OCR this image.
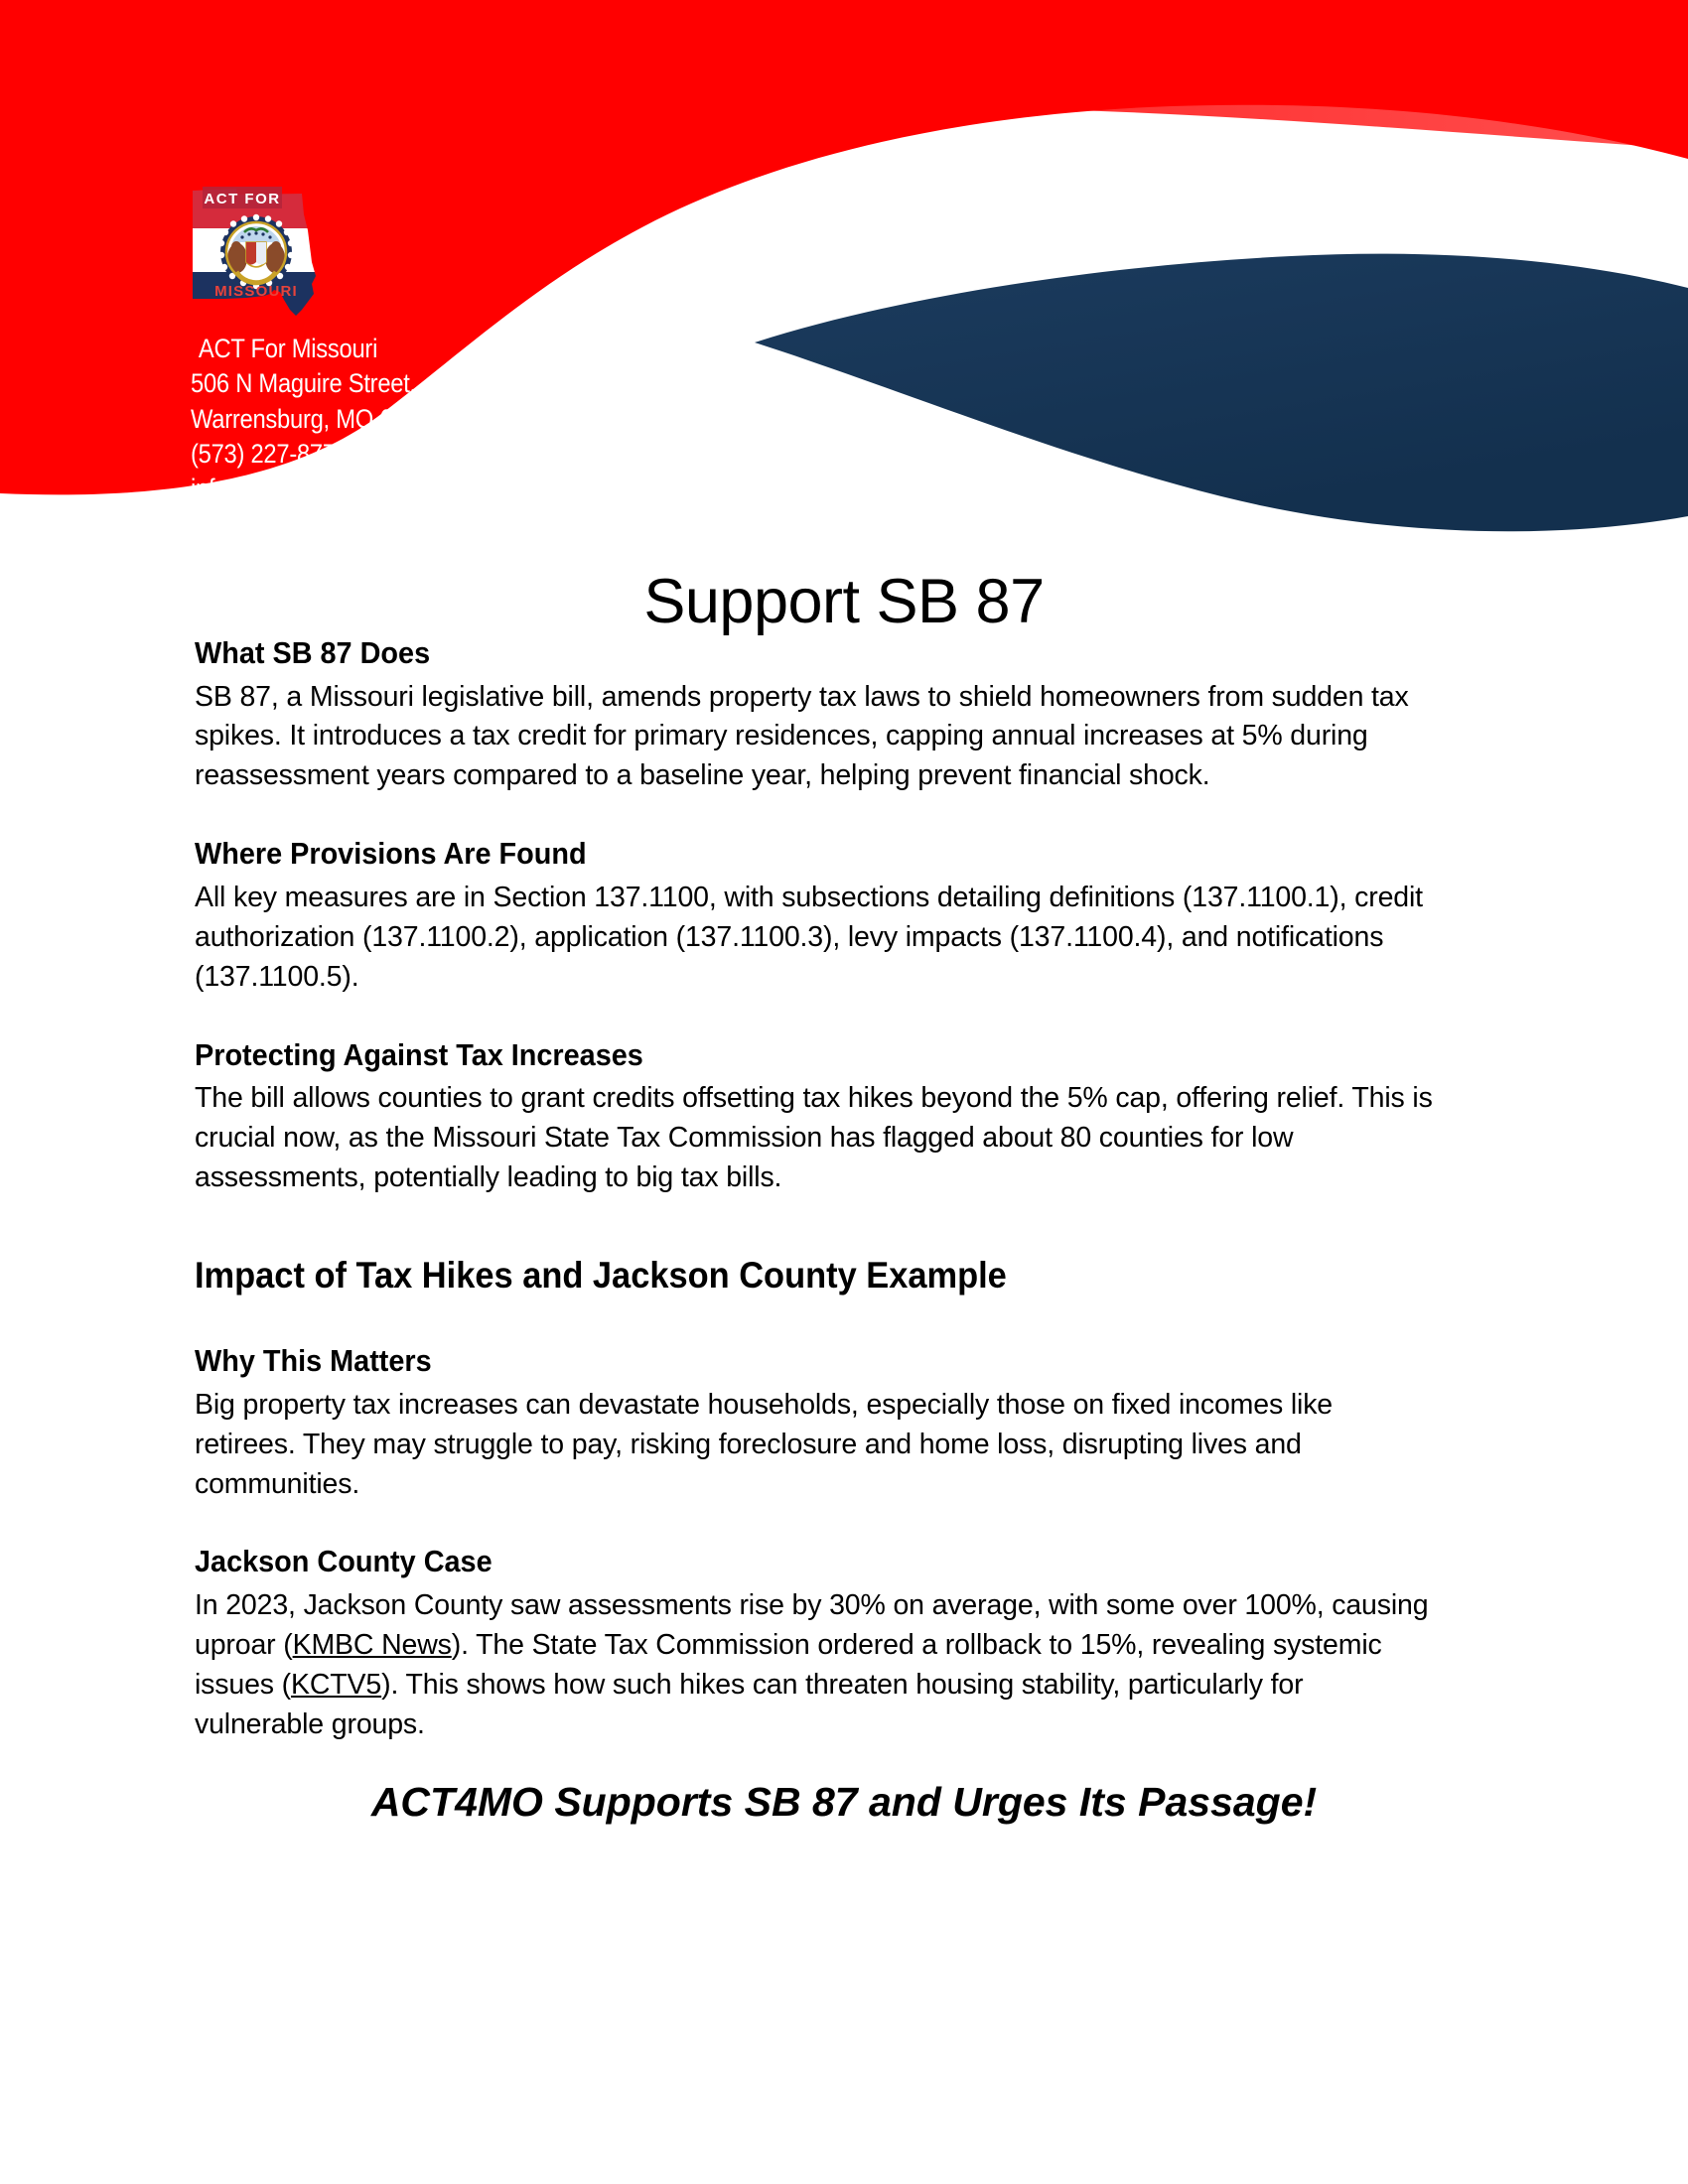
ACT FOR
MISSOURI
ACT For Missouri
506 N Maguire Street,
Warrensburg, MO 64093
(573) 227-8772
info@act4mo.org
www.act4mo.org
Support SB 87
What SB 87 Does

SB 87, a Missouri legislative bill, amends property tax laws to shield homeowners from sudden tax spikes. It introduces a tax credit for primary residences, capping annual increases at 5% during reassessment years compared to a baseline year, helping prevent financial shock.

Where Provisions Are Found

All key measures are in Section 137.1100, with subsections detailing definitions (137.1100.1), credit authorization (137.1100.2), application (137.1100.3), levy impacts (137.1100.4), and notifications (137.1100.5).

Protecting Against Tax Increases

The bill allows counties to grant credits offsetting tax hikes beyond the 5% cap, offering relief. This is crucial now, as the Missouri State Tax Commission has flagged about 80 counties for low assessments, potentially leading to big tax bills.

Impact of Tax Hikes and Jackson County Example
Why This Matters

Big property tax increases can devastate households, especially those on fixed incomes like retirees. They may struggle to pay, risking foreclosure and home loss, disrupting lives and communities.

Jackson County Case

In 2023, Jackson County saw assessments rise by 30% on average, with some over 100%, causing uproar (KMBC News). The State Tax Commission ordered a rollback to 15%, revealing systemic issues (KCTV5). This shows how such hikes can threaten housing stability, particularly for vulnerable groups.

ACT4MO Supports SB 87 and Urges Its Passage!
